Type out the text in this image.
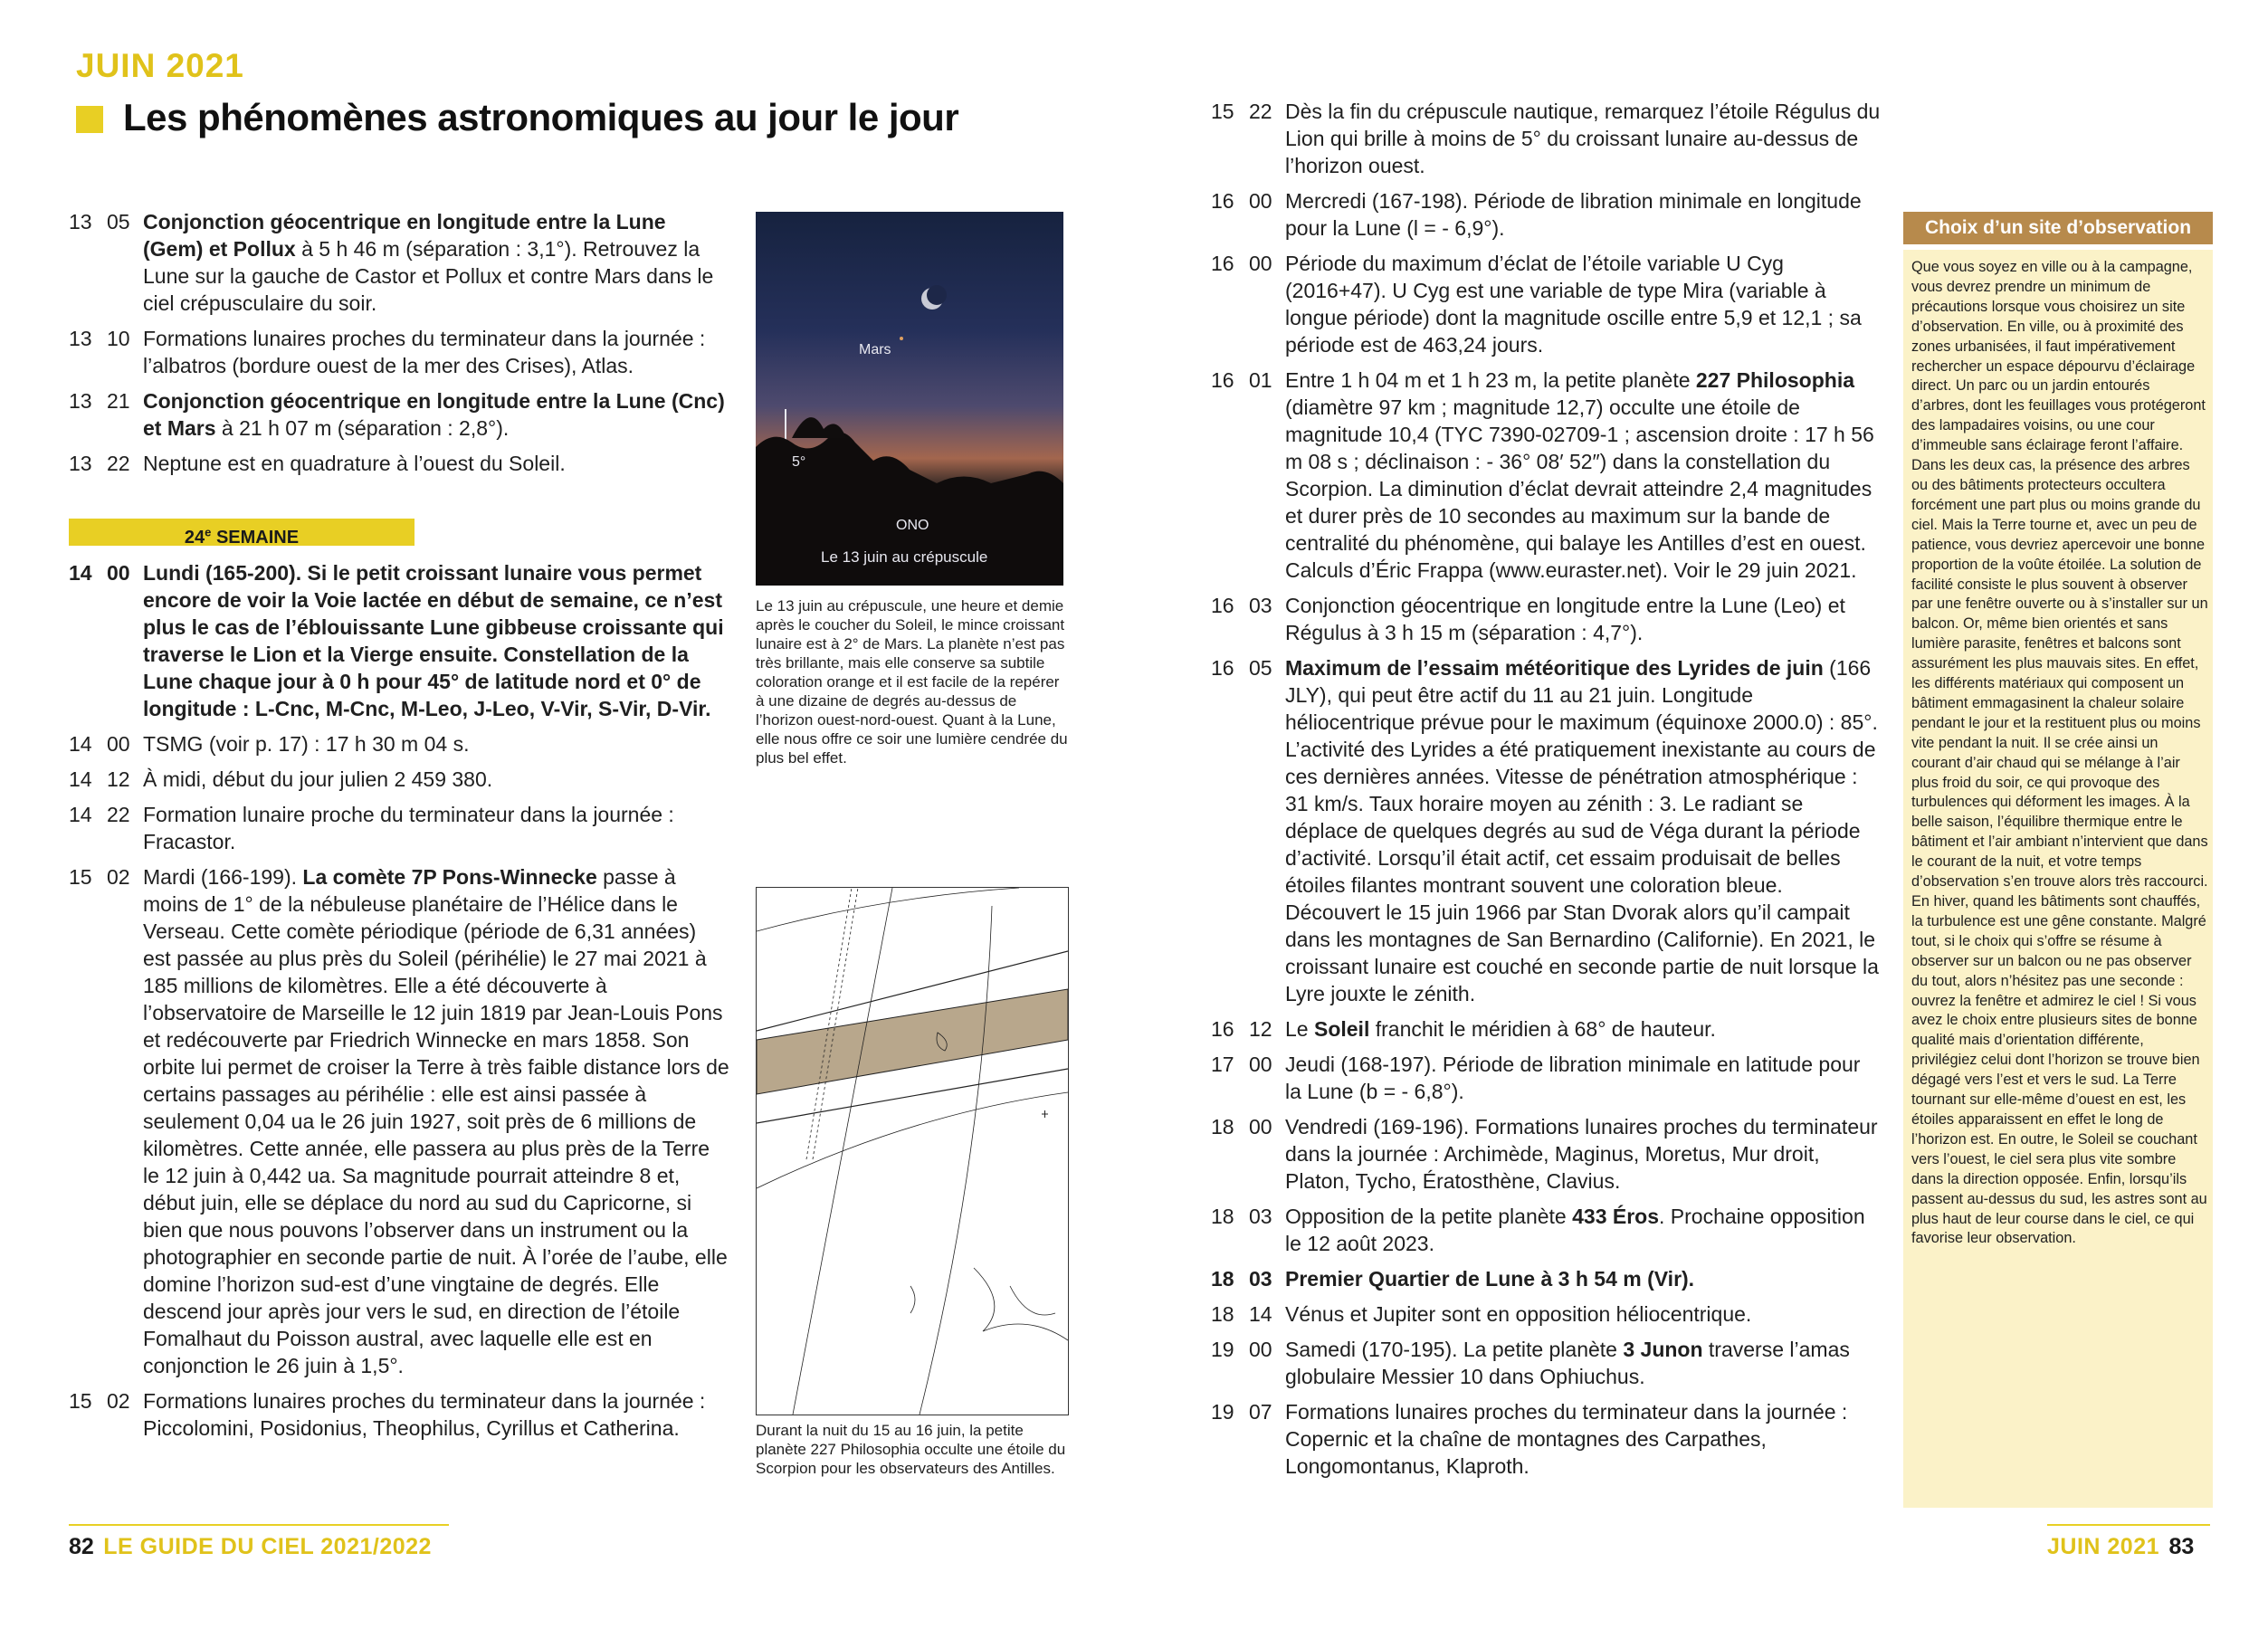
JUIN 2021
Les phénomènes astronomiques au jour le jour
13 05 Conjonction géocentrique en longitude entre la Lune (Gem) et Pollux à 5 h 46 m (séparation : 3,1°). Retrouvez la Lune sur la gauche de Castor et Pollux et contre Mars dans le ciel crépusculaire du soir.
13 10 Formations lunaires proches du terminateur dans la journée : l’albatros (bordure ouest de la mer des Crises), Atlas.
13 21 Conjonction géocentrique en longitude entre la Lune (Cnc) et Mars à 21 h 07 m (séparation : 2,8°).
13 22 Neptune est en quadrature à l’ouest du Soleil.
24e SEMAINE
14 00 Lundi (165-200). Si le petit croissant lunaire vous permet encore de voir la Voie lactée en début de semaine, ce n’est plus le cas de l’éblouissante Lune gibbeuse croissante qui traverse le Lion et la Vierge ensuite. Constellation de la Lune chaque jour à 0 h pour 45° de latitude nord et 0° de longitude : L-Cnc, M-Cnc, M-Leo, J-Leo, V-Vir, S-Vir, D-Vir.
14 00 TSMG (voir p. 17) : 17 h 30 m 04 s.
14 12 À midi, début du jour julien 2 459 380.
14 22 Formation lunaire proche du terminateur dans la journée : Fracastor.
15 02 Mardi (166-199). La comète 7P Pons-Winnecke passe à moins de 1° de la nébuleuse planétaire de l’Hélice dans le Verseau. Cette comète périodique (période de 6,31 années) est passée au plus près du Soleil (périhélie) le 27 mai 2021 à 185 millions de kilomètres. Elle a été découverte à l’observatoire de Marseille le 12 juin 1819 par Jean-Louis Pons et redécouverte par Friedrich Winnecke en mars 1858. Son orbite lui permet de croiser la Terre à très faible distance lors de certains passages au périhélie : elle est ainsi passée à seulement 0,04 ua le 26 juin 1927, soit près de 6 millions de kilomètres. Cette année, elle passera au plus près de la Terre le 12 juin à 0,442 ua. Sa magnitude pourrait atteindre 8 et, début juin, elle se déplace du nord au sud du Capricorne, si bien que nous pouvons l’observer dans un instrument ou la photographier en seconde partie de nuit. À l’orée de l’aube, elle domine l’horizon sud-est d’une vingtaine de degrés. Elle descend jour après jour vers le sud, en direction de l’étoile Fomalhaut du Poisson austral, avec laquelle elle est en conjonction le 26 juin à 1,5°.
15 02 Formations lunaires proches du terminateur dans la journée : Piccolomini, Posidonius, Theophilus, Cyrillus et Catherina.
Mars
5°
ONO
Le 13 juin au crépuscule
Le 13 juin au crépuscule, une heure et demie après le coucher du Soleil, le mince croissant lunaire est à 2° de Mars. La planète n’est pas très brillante, mais elle conserve sa subtile coloration orange et il est facile de la repérer à une dizaine de degrés au-dessus de l’horizon ouest-nord-ouest. Quant à la Lune, elle nous offre ce soir une lumière cendrée du plus bel effet.
Durant la nuit du 15 au 16 juin, la petite planète 227 Philosophia occulte une étoile du Scorpion pour les observateurs des Antilles.
15 22 Dès la fin du crépuscule nautique, remarquez l’étoile Régulus du Lion qui brille à moins de 5° du croissant lunaire au-dessus de l’horizon ouest.
16 00 Mercredi (167-198). Période de libration minimale en longitude pour la Lune (l = - 6,9°).
16 00 Période du maximum d’éclat de l’étoile variable U Cyg (2016+47). U Cyg est une variable de type Mira (variable à longue période) dont la magnitude oscille entre 5,9 et 12,1 ; sa période est de 463,24 jours.
16 01 Entre 1 h 04 m et 1 h 23 m, la petite planète 227 Philosophia (diamètre 97 km ; magnitude 12,7) occulte une étoile de magnitude 10,4 (TYC 7390-02709-1 ; ascension droite : 17 h 56 m 08 s ; déclinaison : - 36° 08′ 52″) dans la constellation du Scorpion. La diminution d’éclat devrait atteindre 2,4 magnitudes et durer près de 10 secondes au maximum sur la bande de centralité du phénomène, qui balaye les Antilles d’est en ouest. Calculs d’Éric Frappa (www.euraster.net). Voir le 29 juin 2021.
16 03 Conjonction géocentrique en longitude entre la Lune (Leo) et Régulus à 3 h 15 m (séparation : 4,7°).
16 05 Maximum de l’essaim météoritique des Lyrides de juin (166 JLY), qui peut être actif du 11 au 21 juin. Longitude héliocentrique prévue pour le maximum (équinoxe 2000.0) : 85°. L’activité des Lyrides a été pratiquement inexistante au cours de ces dernières années. Vitesse de pénétration atmosphérique : 31 km/s. Taux horaire moyen au zénith : 3. Le radiant se déplace de quelques degrés au sud de Véga durant la période d’activité. Lorsqu’il était actif, cet essaim produisait de belles étoiles filantes montrant souvent une coloration bleue. Découvert le 15 juin 1966 par Stan Dvorak alors qu’il campait dans les montagnes de San Bernardino (Californie). En 2021, le croissant lunaire est couché en seconde partie de nuit lorsque la Lyre jouxte le zénith.
16 12 Le Soleil franchit le méridien à 68° de hauteur.
17 00 Jeudi (168-197). Période de libration minimale en latitude pour la Lune (b = - 6,8°).
18 00 Vendredi (169-196). Formations lunaires proches du terminateur dans la journée : Archimède, Maginus, Moretus, Mur droit, Platon, Tycho, Ératosthène, Clavius.
18 03 Opposition de la petite planète 433 Éros. Prochaine opposition le 12 août 2023.
18 03 Premier Quartier de Lune à 3 h 54 m (Vir).
18 14 Vénus et Jupiter sont en opposition héliocentrique.
19 00 Samedi (170-195). La petite planète 3 Junon traverse l’amas globulaire Messier 10 dans Ophiuchus.
19 07 Formations lunaires proches du terminateur dans la journée : Copernic et la chaîne de montagnes des Carpathes, Longomontanus, Klaproth.
Choix d’un site d’observation
Que vous soyez en ville ou à la campagne, vous devrez prendre un minimum de précautions lorsque vous choisirez un site d’observation. En ville, ou à proximité des zones urbanisées, il faut impérativement rechercher un espace dépourvu d’éclairage direct. Un parc ou un jardin entourés d’arbres, dont les feuillages vous protégeront des lampadaires voisins, ou une cour d’immeuble sans éclairage feront l’affaire. Dans les deux cas, la présence des arbres ou des bâtiments protecteurs occultera forcément une part plus ou moins grande du ciel. Mais la Terre tourne et, avec un peu de patience, vous devriez apercevoir une bonne proportion de la voûte étoilée. La solution de facilité consiste le plus souvent à observer par une fenêtre ouverte ou à s’installer sur un balcon. Or, même bien orientés et sans lumière parasite, fenêtres et balcons sont assurément les plus mauvais sites. En effet, les différents matériaux qui composent un bâtiment emmagasinent la chaleur solaire pendant le jour et la restituent plus ou moins vite pendant la nuit. Il se crée ainsi un courant d’air chaud qui se mélange à l’air plus froid du soir, ce qui provoque des turbulences qui déforment les images. À la belle saison, l’équilibre thermique entre le bâtiment et l’air ambiant n’intervient que dans le courant de la nuit, et votre temps d’observation s’en trouve alors très raccourci. En hiver, quand les bâtiments sont chauffés, la turbulence est une gêne constante. Malgré tout, si le choix qui s’offre se résume à observer sur un balcon ou ne pas observer du tout, alors n’hésitez pas une seconde : ouvrez la fenêtre et admirez le ciel ! Si vous avez le choix entre plusieurs sites de bonne qualité mais d’orientation différente, privilégiez celui dont l’horizon se trouve bien dégagé vers l’est et vers le sud. La Terre tournant sur elle-même d’ouest en est, les étoiles apparaissent en effet le long de l’horizon est. En outre, le Soleil se couchant vers l’ouest, le ciel sera plus vite sombre dans la direction opposée. Enfin, lorsqu’ils passent au-dessus du sud, les astres sont au plus haut de leur course dans le ciel, ce qui favorise leur observation.
82 LE GUIDE DU CIEL 2021/2022	JUIN 2021 83
